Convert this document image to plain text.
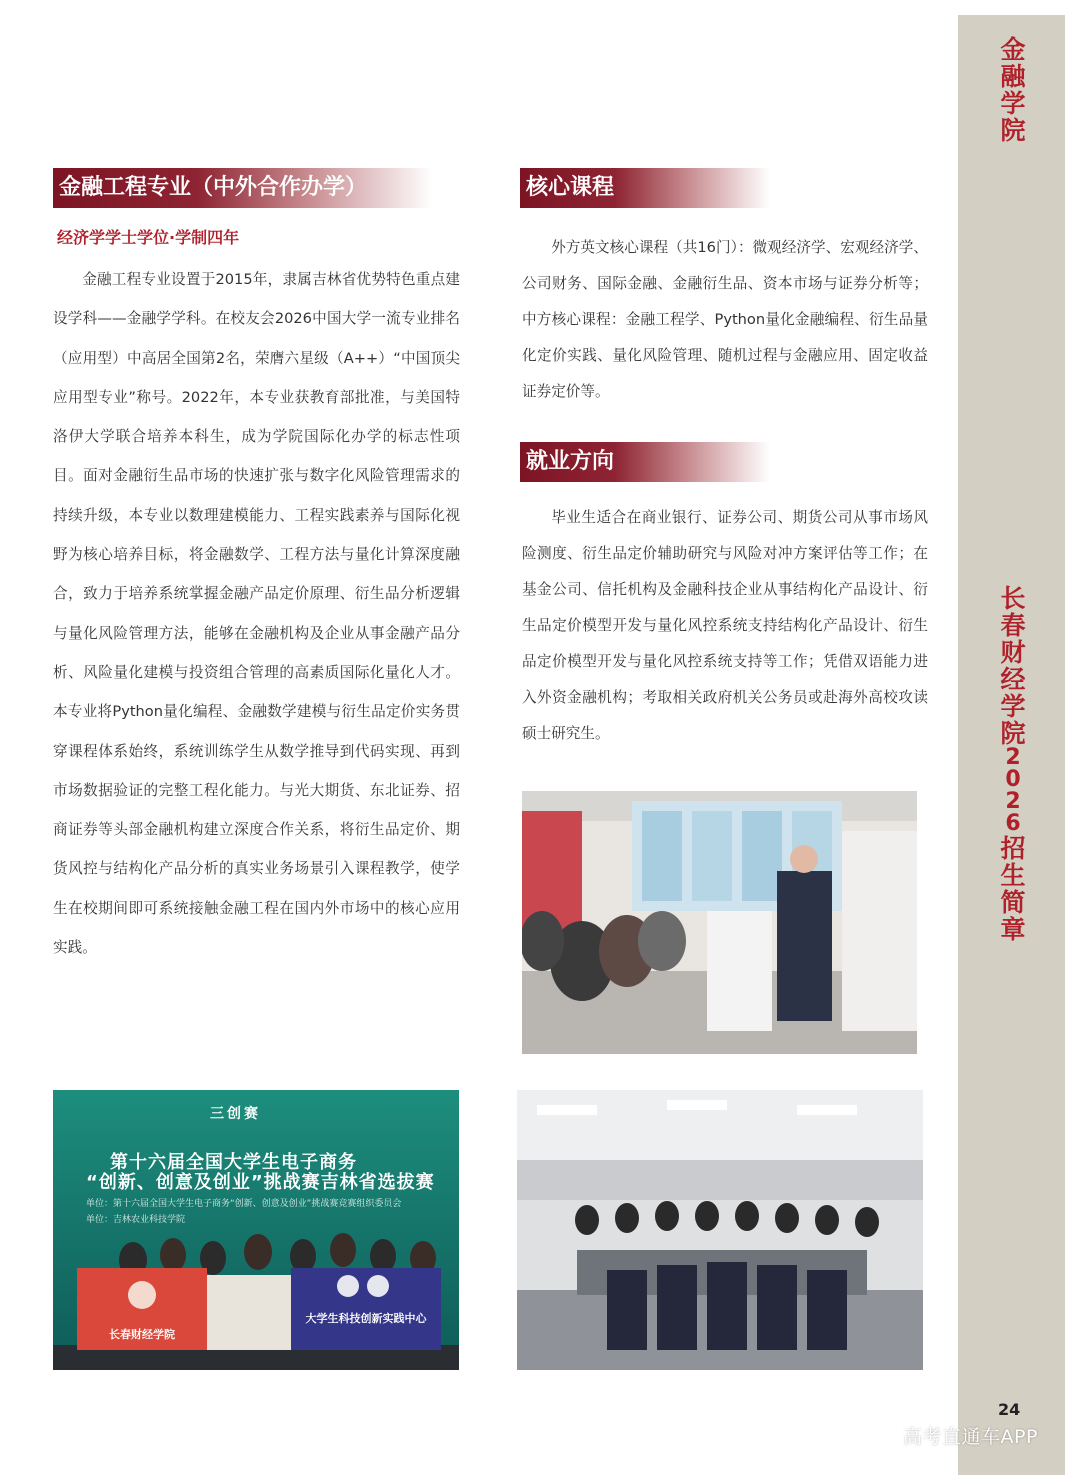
金
融
学
院
长
春
财
经
学
院
2
0
2
6
招
生
简
章
24
金融工程专业（中外合作办学）
经济学学士学位·学制四年
金融工程专业设置于2015年，隶属吉林省优势特色重点建设学科——金融学学科。在校友会2026中国大学一流专业排名（应用型）中高居全国第2名，荣膺六星级（A++）“中国顶尖应用型专业”称号。2022年，本专业获教育部批准，与美国特洛伊大学联合培养本科生，成为学院国际化办学的标志性项目。面对金融衍生品市场的快速扩张与数字化风险管理需求的持续升级，本专业以数理建模能力、工程实践素养与国际化视野为核心培养目标，将金融数学、工程方法与量化计算深度融合，致力于培养系统掌握金融产品定价原理、衍生品分析逻辑与量化风险管理方法，能够在金融机构及企业从事金融产品分析、风险量化建模与投资组合管理的高素质国际化量化人才。本专业将Python量化编程、金融数学建模与衍生品定价实务贯穿课程体系始终，系统训练学生从数学推导到代码实现、再到市场数据验证的完整工程化能力。与光大期货、东北证券、招商证券等头部金融机构建立深度合作关系，将衍生品定价、期货风控与结构化产品分析的真实业务场景引入课程教学，使学生在校期间即可系统接触金融工程在国内外市场中的核心应用实践。
核心课程
外方英文核心课程（共16门）：微观经济学、宏观经济学、公司财务、国际金融、金融衍生品、资本市场与证券分析等；中方核心课程：金融工程学、Python量化金融编程、衍生品量化定价实践、量化风险管理、随机过程与金融应用、固定收益证券定价等。
就业方向
毕业生适合在商业银行、证券公司、期货公司从事市场风险测度、衍生品定价辅助研究与风险对冲方案评估等工作；在基金公司、信托机构及金融科技企业从事结构化产品设计、衍生品定价模型开发与量化风控系统支持结构化产品设计、衍生品定价模型开发与量化风控系统支持等工作；凭借双语能力进入外资金融机构；考取相关政府机关公务员或赴海外高校攻读硕士研究生。
三创赛
第十六届全国大学生电子商务
“创新、创意及创业”挑战赛吉林省选拔赛
单位：第十六届全国大学生电子商务“创新、创意及创业”挑战赛竞赛组织委员会
单位：吉林农业科技学院
长春财经学院
大学生科技创新实践中心
高考直通车APP
